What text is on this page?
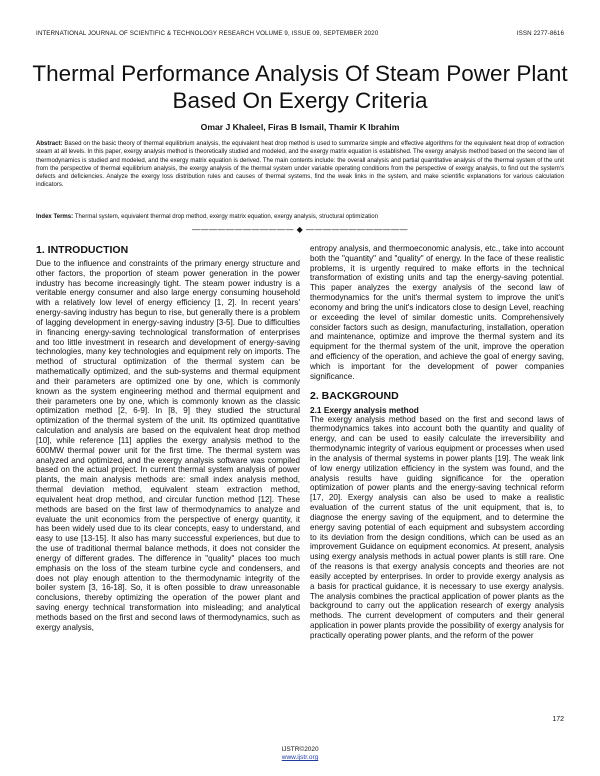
INTERNATIONAL JOURNAL OF SCIENTIFIC & TECHNOLOGY RESEARCH VOLUME 9, ISSUE 09, SEPTEMBER 2020	ISSN 2277-8616
Thermal Performance Analysis Of Steam Power Plant Based On Exergy Criteria
Omar J Khaleel, Firas B Ismail, Thamir K Ibrahim

Abstract: Based on the basic theory of thermal equilibrium analysis, the equivalent heat drop method is used to summarize simple and effective algorithms for the equivalent heat drop of extraction steam at all levels. In this paper, exergy analysis method is theoretically studied and modeled, and the exergy matrix equation is established. The exergy analysis method based on the second law of thermodynamics is studied and modeled, and the exergy matrix equation is derived. The main contents include: the overall analysis and partial quantitative analysis of the thermal system of the unit from the perspective of thermal equilibrium analysis, the exergy analysis of the thermal system under variable operating conditions from the perspective of exergy analysis, to find out the system's defects and deficiencies. Analyze the exergy loss distribution rules and causes of thermal systems, find the weak links in the system, and make scientific explanations for various calculation indicators.

Index Terms: Thermal system, equivalent thermal drop method, exergy matrix equation, exergy analysis, structural optimization

———————————— ◆ ————————————
1. INTRODUCTION

Due to the influence and constraints of the primary energy structure and other factors, the proportion of steam power generation in the power industry has become increasingly tight. The steam power industry is a veritable energy consumer and also large energy consuming household with a relatively low level of energy efficiency [1, 2]. In recent years' energy-saving industry has begun to rise, but generally there is a problem of lagging development in energy-saving industry [3-5]. Due to difficulties in financing energy-saving technological transformation of enterprises and too little investment in research and development of energy-saving technologies, many key technologies and equipment rely on imports. The method of structural optimization of the thermal system can be mathematically optimized, and the sub-systems and thermal equipment and their parameters are optimized one by one, which is commonly known as the system engineering method and thermal equipment and their parameters one by one, which is commonly known as the classic optimization method [2, 6-9]. In [8, 9] they studied the structural optimization of the thermal system of the unit. Its optimized quantitative calculation and analysis are based on the equivalent heat drop method [10], while reference [11] applies the exergy analysis method to the 600MW thermal power unit for the first time. The thermal system was analyzed and optimized, and the exergy analysis software was compiled based on the actual project. In current thermal system analysis of power plants, the main analysis methods are: small index analysis method, thermal deviation method, equivalent steam extraction method, equivalent heat drop method, and circular function method [12]. These methods are based on the first law of thermodynamics to analyze and evaluate the unit economics from the perspective of energy quantity, it has been widely used due to its clear concepts, easy to understand, and easy to use [13-15]. It also has many successful experiences, but due to the use of traditional thermal balance methods, it does not consider the energy of different grades. The difference in "quality" places too much emphasis on the loss of the steam turbine cycle and condensers, and does not play enough attention to the thermodynamic integrity of the boiler system [3, 16-18]. So, it is often possible to draw unreasonable conclusions, thereby optimizing the operation of the power plant and saving energy technical transformation into misleading; and analytical methods based on the first and second laws of thermodynamics, such as exergy analysis,

entropy analysis, and thermoeconomic analysis, etc., take into account both the "quantity" and "quality" of energy. In the face of these realistic problems, it is urgently required to make efforts in the technical transformation of existing units and tap the energy-saving potential. This paper analyzes the exergy analysis of the second law of thermodynamics for the unit's thermal system to improve the unit's economy and bring the unit's indicators close to design Level, reaching or exceeding the level of similar domestic units. Comprehensively consider factors such as design, manufacturing, installation, operation and maintenance, optimize and improve the thermal system and its equipment for the thermal system of the unit, improve the operation and efficiency of the operation, and achieve the goal of energy saving, which is important for the development of power companies significance.

2. BACKGROUND
2.1 Exergy analysis method

The exergy analysis method based on the first and second laws of thermodynamics takes into account both the quantity and quality of energy, and can be used to easily calculate the irreversibility and thermodynamic integrity of various equipment or processes when used in the analysis of thermal systems in power plants [19]. The weak link of low energy utilization efficiency in the system was found, and the analysis results have guiding significance for the operation optimization of power plants and the energy-saving technical reform [17, 20]. Exergy analysis can also be used to make a realistic evaluation of the current status of the unit equipment, that is, to diagnose the energy saving of the equipment, and to determine the energy saving potential of each equipment and subsystem according to its deviation from the design conditions, which can be used as an improvement Guidance on equipment economics. At present, analysis using exergy analysis methods in actual power plants is still rare. One of the reasons is that exergy analysis concepts and theories are not easily accepted by enterprises. In order to provide exergy analysis as a basis for practical guidance, it is necessary to use exergy analysis. The analysis combines the practical application of power plants as the background to carry out the application research of exergy analysis methods. The current development of computers and their general application in power plants provide the possibility of exergy analysis for practically operating power plants, and the reform of the power

172
IJSTR©2020
www.ijstr.org
